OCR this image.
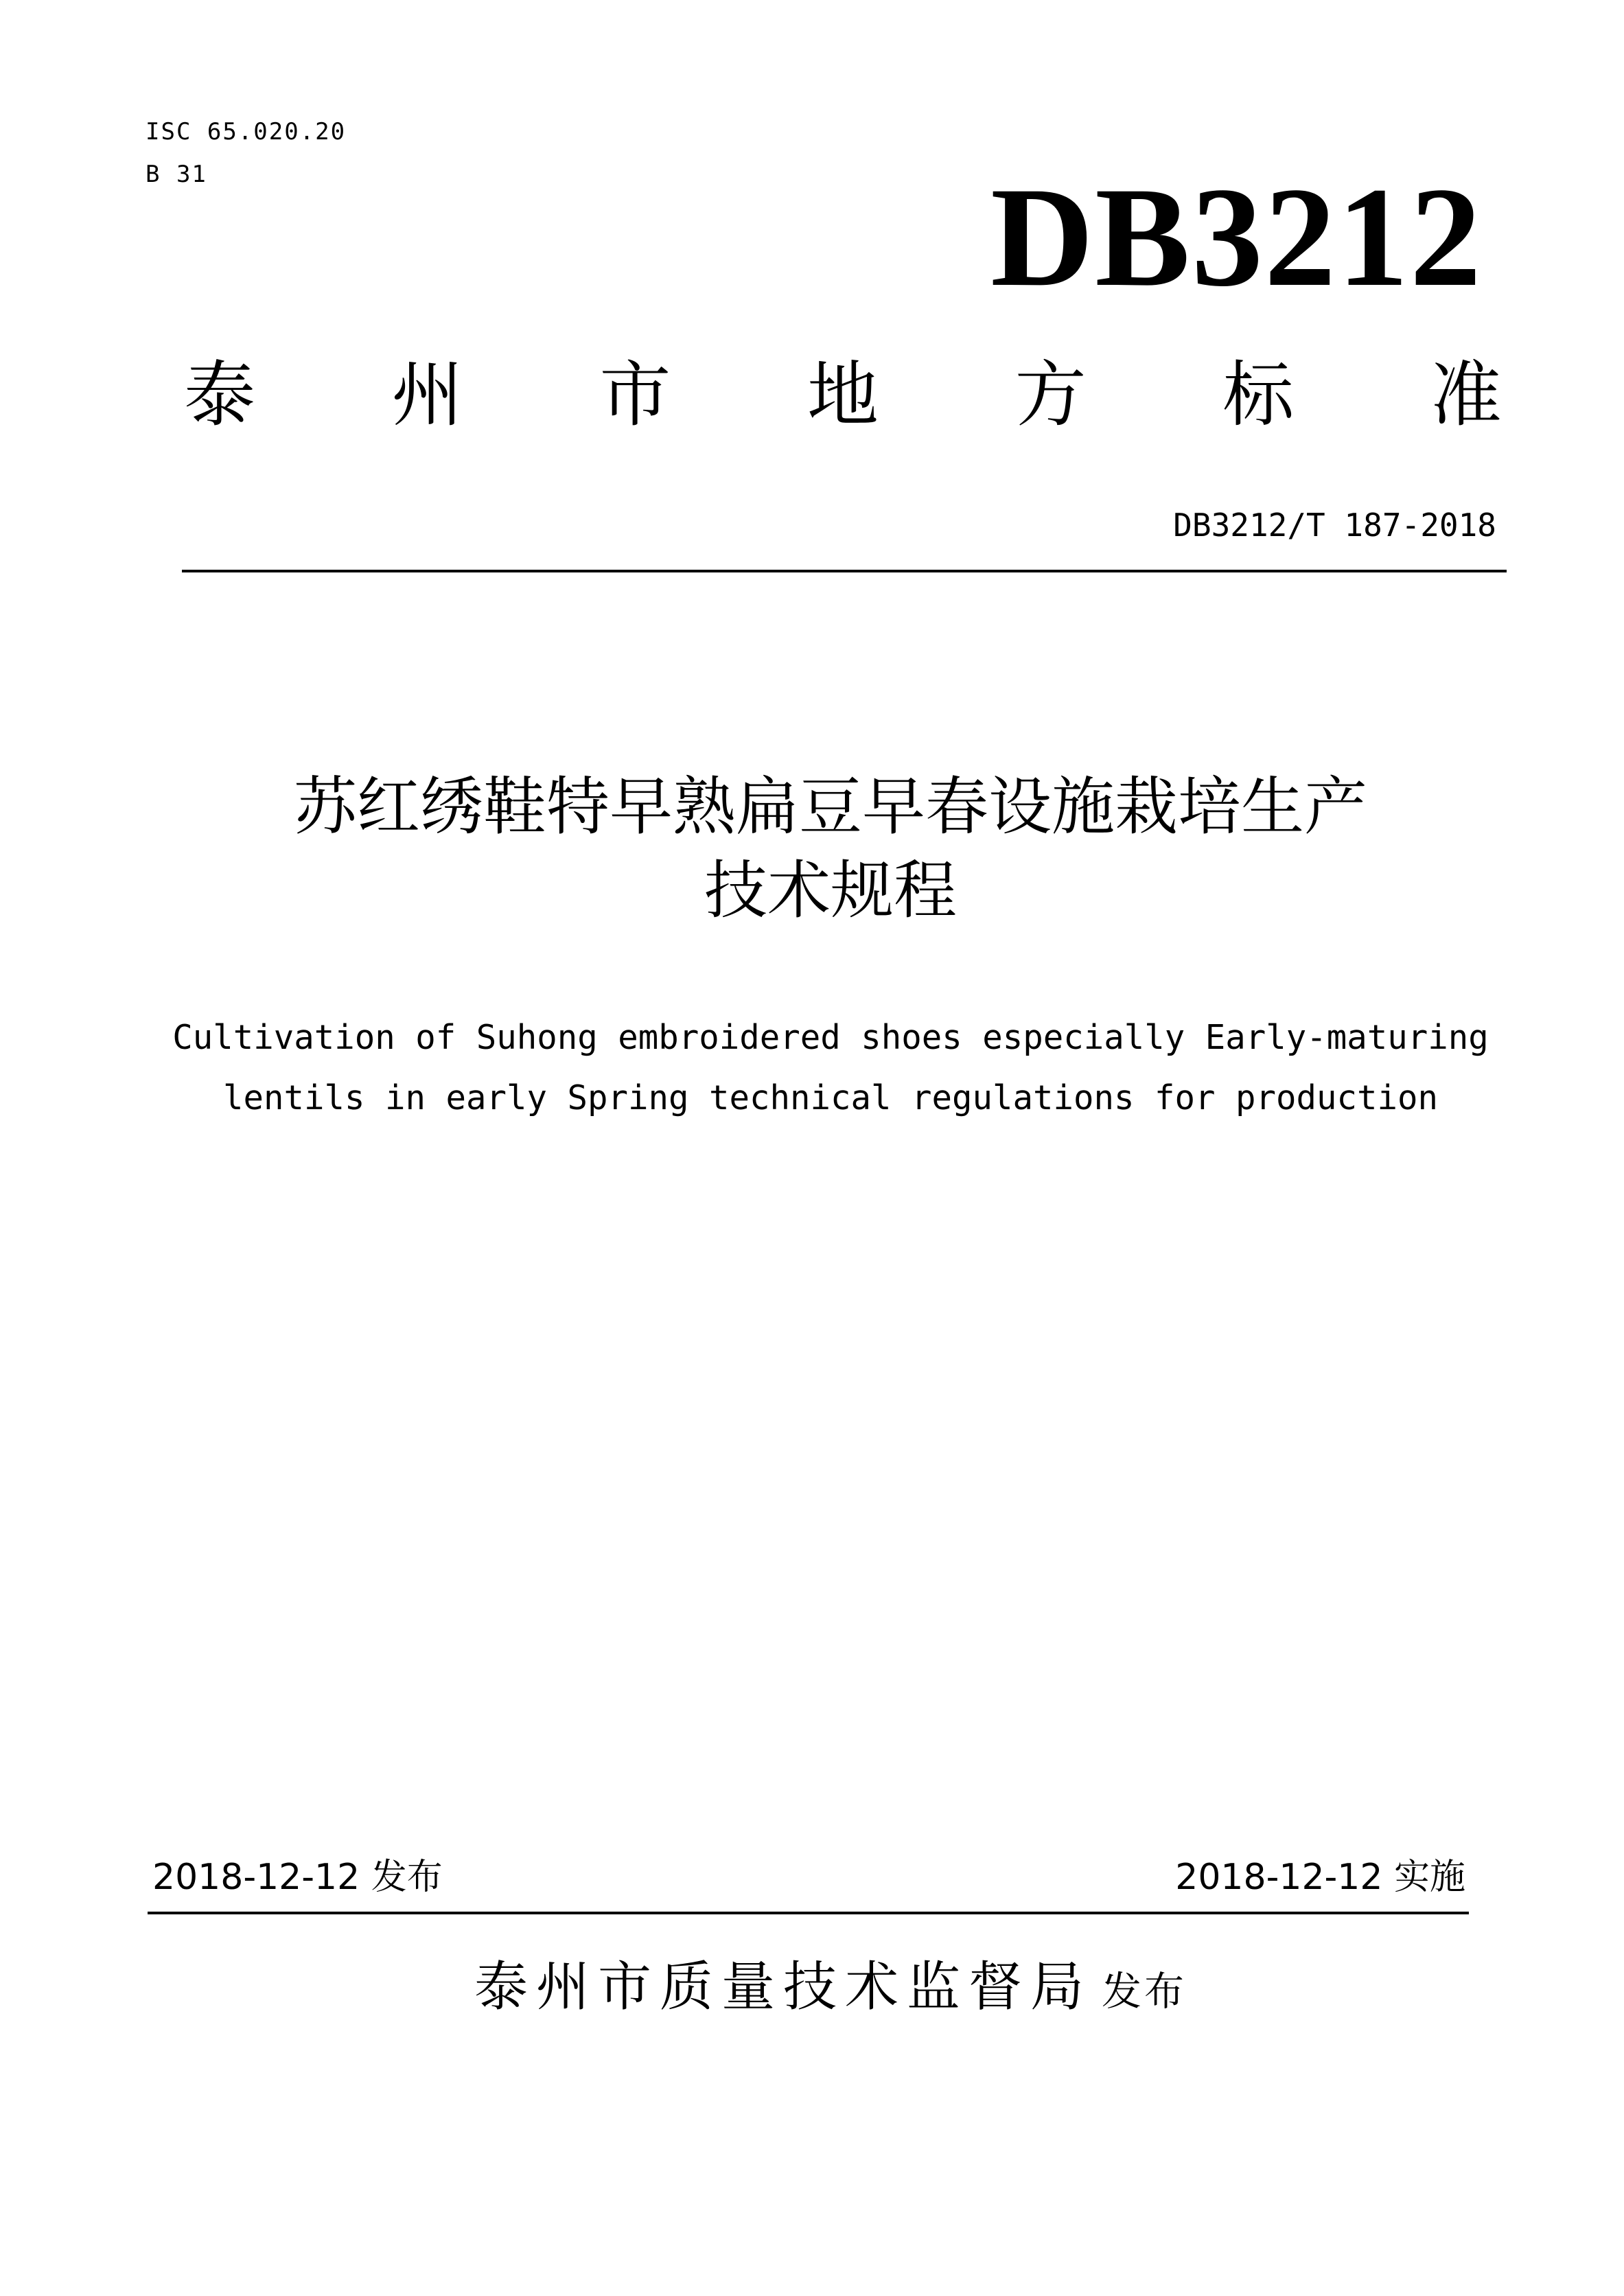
ISC 65.020.20
B 31	DB3212
泰 州 市 地 方 标 准
DB3212/T 187-2018
苏红绣鞋特早熟扁豆早春设施栽培生产
技术规程
Cultivation of Suhong embroidered shoes especially Early-maturing
lentils in early Spring technical regulations for production
2018-12-12 发布	2018-12-12 实施
泰州市质量技术监督局 发布
